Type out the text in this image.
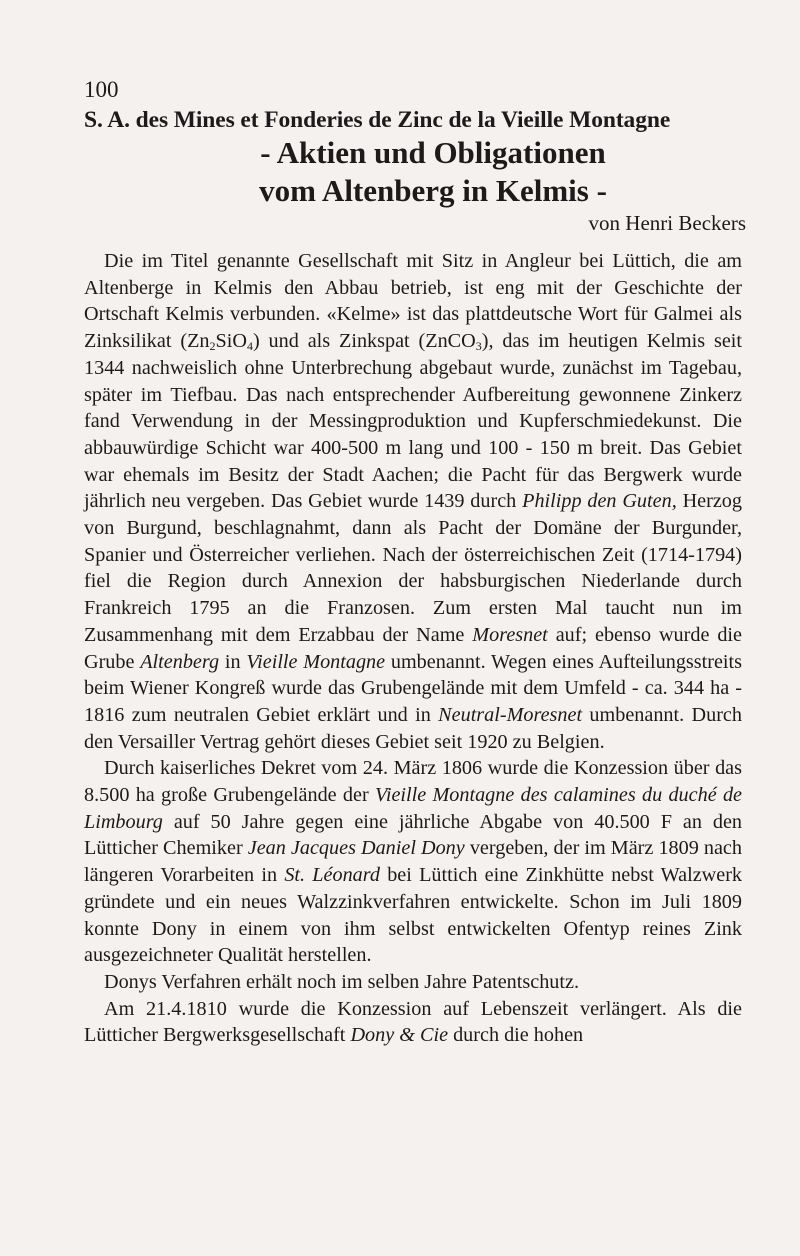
100

S. A. des Mines et Fonderies de Zinc de la Vieille Montagne

- Aktien und Obligationen
vom Altenberg in Kelmis -

von Henri Beckers

Die im Titel genannte Gesellschaft mit Sitz in Angleur bei Lüttich, die am Altenberge in Kelmis den Abbau betrieb, ist eng mit der Geschichte der Ortschaft Kelmis verbunden. «Kelme» ist das plattdeutsche Wort für Galmei als Zinksilikat $(Zn_2SiO_4)$ und als Zinkspat (ZnCO$_3$), das im heutigen Kelmis seit 1344 nachweislich ohne Unterbrechung abgebaut wurde, zunächst im Tagebau, später im Tiefbau. Das nach entsprechender Aufbereitung gewonnene Zinkerz fand Verwendung in der Messingproduktion und Kupferschmiedekunst. Die abbauwürdige Schicht war 400-500 m lang und 100 - 150 m breit. Das Gebiet war ehemals im Besitz der Stadt Aachen; die Pacht für das Bergwerk wurde jährlich neu vergeben. Das Gebiet wurde 1439 durch Philipp den Guten, Herzog von Burgund, beschlagnahmt, dann als Pacht der Domäne der Burgunder, Spanier und Österreicher verliehen. Nach der österreichischen Zeit (1714-1794) fiel die Region durch Annexion der habsburgischen Niederlande durch Frankreich 1795 an die Franzosen. Zum ersten Mal taucht nun im Zusammenhang mit dem Erzabbau der Name Moresnet auf; ebenso wurde die Grube Altenberg in Vieille Montagne umbenannt. Wegen eines Aufteilungsstreits beim Wiener Kongreß wurde das Grubengelände mit dem Umfeld - ca. 344 ha - 1816 zum neutralen Gebiet erklärt und in Neutral-Moresnet umbenannt. Durch den Versailler Vertrag gehört dieses Gebiet seit 1920 zu Belgien.

Durch kaiserliches Dekret vom 24. März 1806 wurde die Konzession über das 8.500 ha große Grubengelände der Vieille Montagne des calamines du duché de Limbourg auf 50 Jahre gegen eine jährliche Abgabe von 40.500 F an den Lütticher Chemiker Jean Jacques Daniel Dony vergeben, der im März 1809 nach längeren Vorarbeiten in St. Léonard bei Lüttich eine Zinkhütte nebst Walzwerk gründete und ein neues Walzzinkverfahren entwickelte. Schon im Juli 1809 konnte Dony in einem von ihm selbst entwickelten Ofentyp reines Zink ausgezeichneter Qualität herstellen.

Donys Verfahren erhält noch im selben Jahre Patentschutz.

Am 21.4.1810 wurde die Konzession auf Lebenszeit verlängert. Als die Lütticher Bergwerksgesellschaft Dony & Cie durch die hohen
